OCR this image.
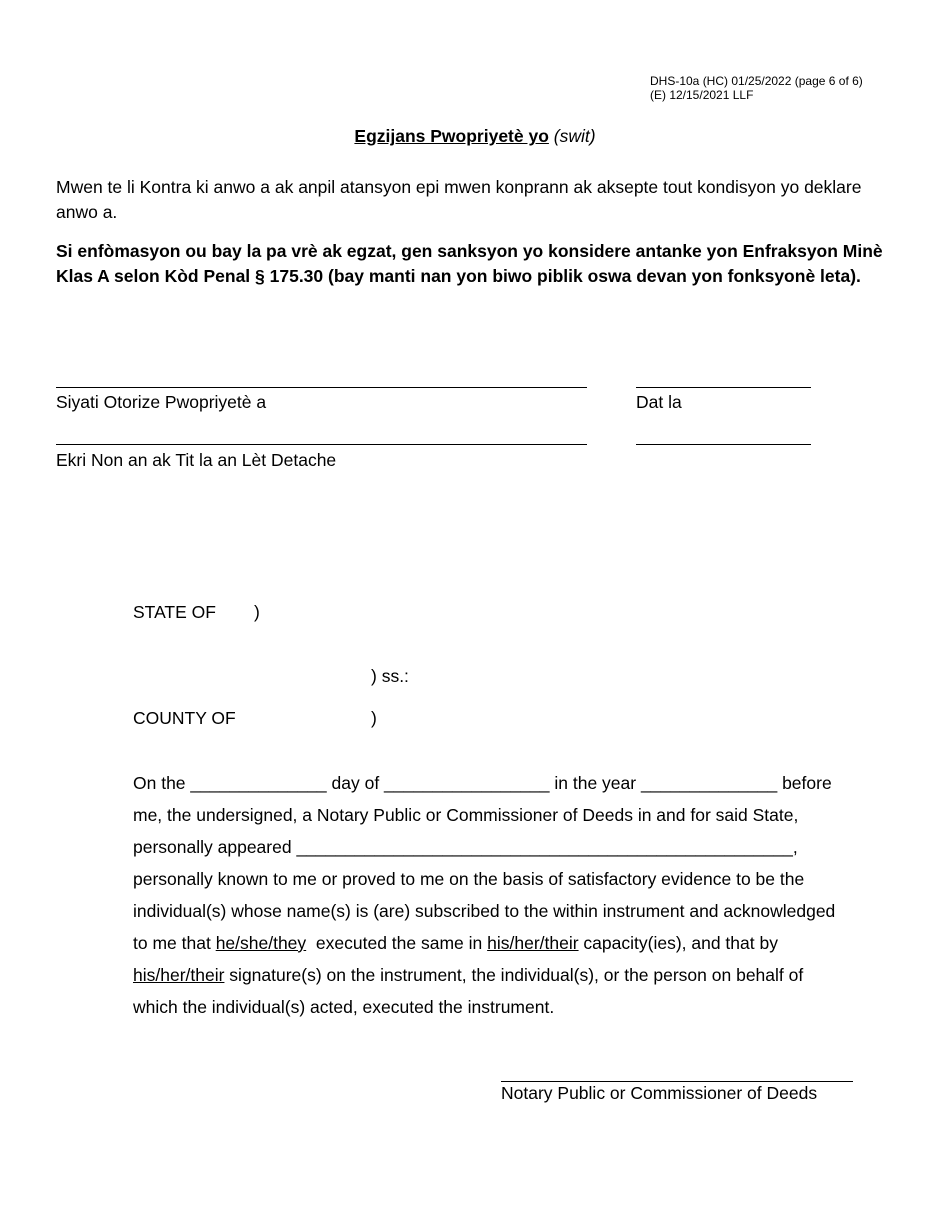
DHS-10a (HC) 01/25/2022 (page 6 of 6)
(E) 12/15/2021 LLF
Egzijans Pwopriyetè yo (swit)
Mwen te li Kontra ki anwo a ak anpil atansyon epi mwen konprann ak aksepte tout kondisyon yo deklare anwo a.
Si enfòmasyon ou bay la pa vrè ak egzat, gen sanksyon yo konsidere antanke yon Enfraksyon Minè Klas A selon Kòd Penal § 175.30 (bay manti nan yon biwo piblik oswa devan yon fonksyonè leta).
Siyati Otorize Pwopriyetè a	Dat la
Ekri Non an ak Tit la an Lèt Detache
STATE OF )
) ss.:
COUNTY OF	)

On the ______________ day of _________________ in the year ______________ before

me, the undersigned, a Notary Public or Commissioner of Deeds in and for said State,

personally appeared ___________________________________________________,

personally known to me or proved to me on the basis of satisfactory evidence to be the

individual(s) whose name(s) is (are) subscribed to the within instrument and acknowledged

to me that he/she/they  executed the same in his/her/their capacity(ies), and that by

his/her/their signature(s) on the instrument, the individual(s), or the person on behalf of

which the individual(s) acted, executed the instrument.

Notary Public or Commissioner of Deeds
